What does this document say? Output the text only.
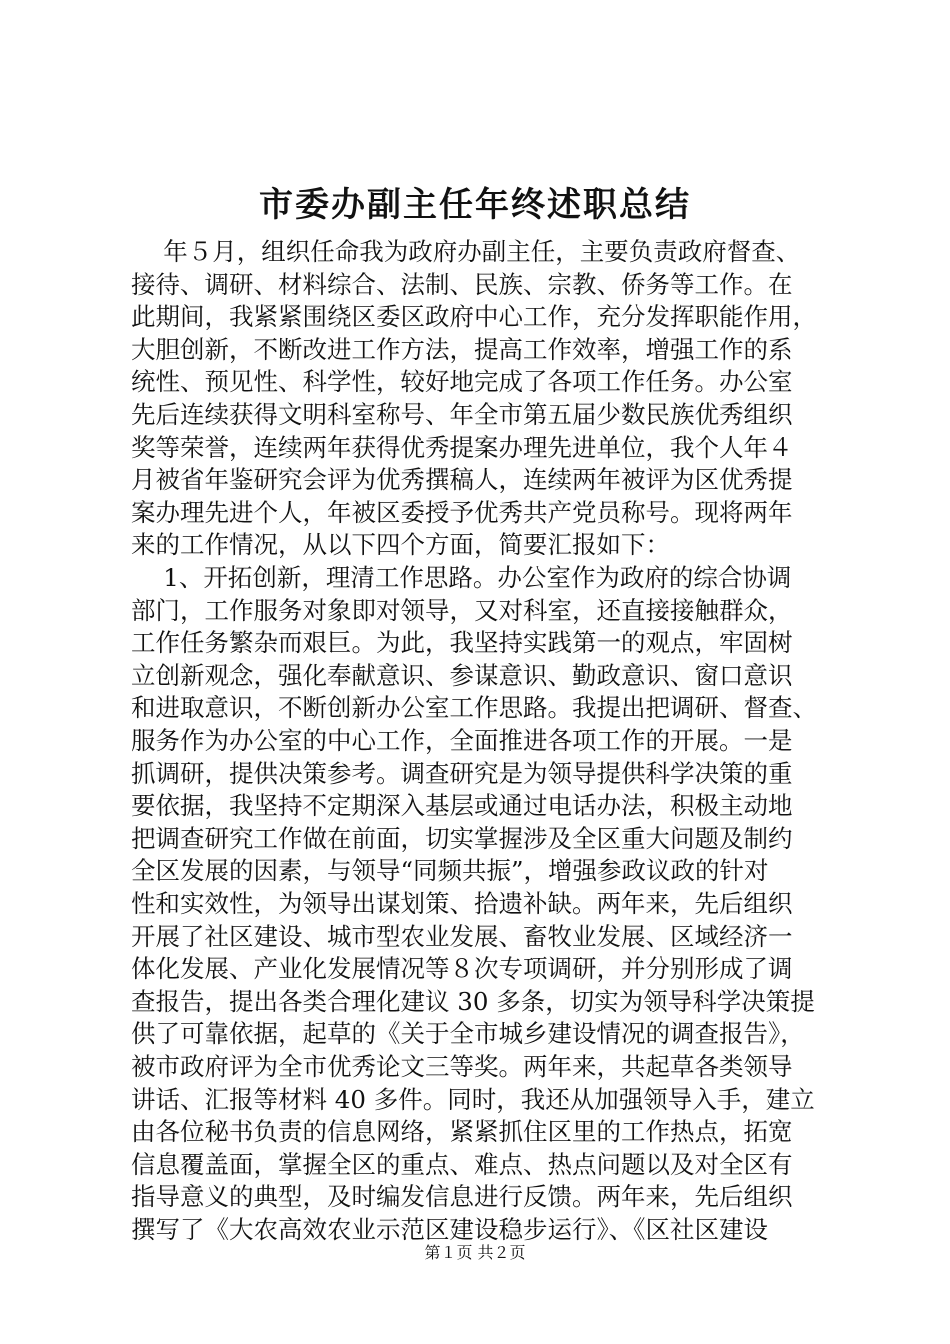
市委办副主任年终述职总结
　 年５月，组织任命我为政府办副主任，主要负责政府督查、
接待、调研、材料综合、法制、民族、宗教、侨务等工作。在
此期间，我紧紧围绕区委区政府中心工作，充分发挥职能作用，
大胆创新，不断改进工作方法，提高工作效率，增强工作的系
统性、预见性、科学性，较好地完成了各项工作任务。办公室
先后连续获得文明科室称号、年全市第五届少数民族优秀组织
奖等荣誉，连续两年获得优秀提案办理先进单位，我个人年４
月被省年鉴研究会评为优秀撰稿人，连续两年被评为区优秀提
案办理先进个人，年被区委授予优秀共产党员称号。现将两年
来的工作情况，从以下四个方面，简要汇报如下：
　 1、开拓创新，理清工作思路。办公室作为政府的综合协调
部门，工作服务对象即对领导，又对科室，还直接接触群众，
工作任务繁杂而艰巨。为此，我坚持实践第一的观点，牢固树
立创新观念，强化奉献意识、参谋意识、勤政意识、窗口意识
和进取意识，不断创新办公室工作思路。我提出把调研、督查、
服务作为办公室的中心工作，全面推进各项工作的开展。一是
抓调研，提供决策参考。调查研究是为领导提供科学决策的重
要依据，我坚持不定期深入基层或通过电话办法，积极主动地
把调查研究工作做在前面，切实掌握涉及全区重大问题及制约
全区发展的因素，与领导“同频共振”，增强参政议政的针对
性和实效性，为领导出谋划策、拾遗补缺。两年来，先后组织
开展了社区建设、城市型农业发展、畜牧业发展、区域经济一
体化发展、产业化发展情况等８次专项调研，并分别形成了调
查报告，提出各类合理化建议 30 多条，切实为领导科学决策提
供了可靠依据，起草的《关于全市城乡建设情况的调查报告》，
被市政府评为全市优秀论文三等奖。两年来，共起草各类领导
讲话、汇报等材料 40 多件。同时，我还从加强领导入手，建立
由各位秘书负责的信息网络，紧紧抓住区里的工作热点，拓宽
信息覆盖面，掌握全区的重点、难点、热点问题以及对全区有
指导意义的典型，及时编发信息进行反馈。两年来，先后组织
撰写了《大农高效农业示范区建设稳步运行》、《区社区建设
第１页 共２页
